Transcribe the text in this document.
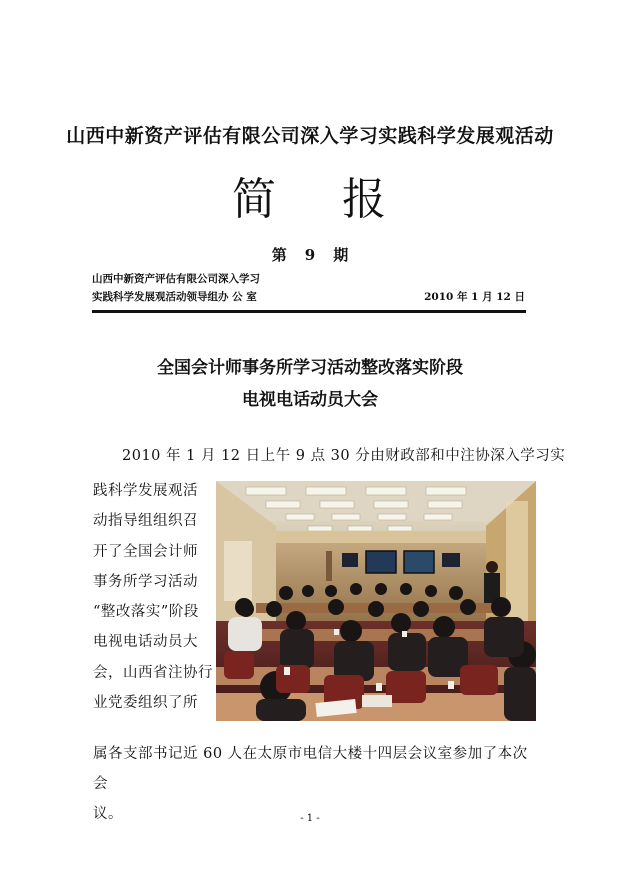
山西中新资产评估有限公司深入学习实践科学发展观活动
简 报
第 9 期
山西中新资产评估有限公司深入学习
实践科学发展观活动领导组办 公 室	2010 年 1 月 12 日
全国会计师事务所学习活动整改落实阶段
电视电话动员大会
2010 年 1 月 12 日上午 9 点 30 分由财政部和中注协深入学习实
践科学发展观活
动指导组组织召
开了全国会计师
事务所学习活动
“整改落实”阶段
电视电话动员大
会，山西省注协行
业党委组织了所
属各支部书记近 60 人在太原市电信大楼十四层会议室参加了本次会
议。	- 1 -
